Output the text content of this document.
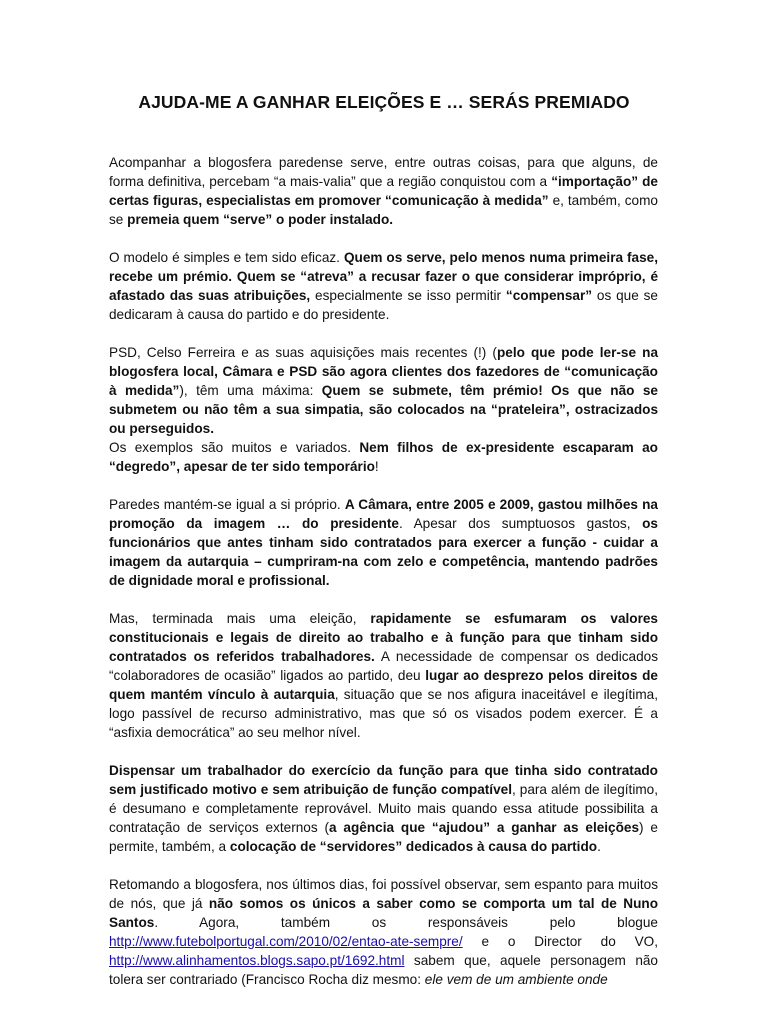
AJUDA-ME A GANHAR ELEIÇÕES E … SERÁS PREMIADO

Acompanhar a blogosfera paredense serve, entre outras coisas, para que alguns, de forma definitiva, percebam “a mais-valia” que a região conquistou com a “importação” de certas figuras, especialistas em promover “comunicação à medida” e, também, como se premeia quem “serve” o poder instalado.

O modelo é simples e tem sido eficaz. Quem os serve, pelo menos numa primeira fase, recebe um prémio. Quem se “atreva” a recusar fazer o que considerar impróprio, é afastado das suas atribuições, especialmente se isso permitir “compensar” os que se dedicaram à causa do partido e do presidente.

PSD, Celso Ferreira e as suas aquisições mais recentes (!) (pelo que pode ler-se na blogosfera local, Câmara e PSD são agora clientes dos fazedores de “comunicação à medida”), têm uma máxima: Quem se submete, têm prémio! Os que não se submetem ou não têm a sua simpatia, são colocados na “prateleira”, ostracizados ou perseguidos.

Os exemplos são muitos e variados. Nem filhos de ex-presidente escaparam ao “degredo”, apesar de ter sido temporário!

Paredes mantém-se igual a si próprio. A Câmara, entre 2005 e 2009, gastou milhões na promoção da imagem … do presidente. Apesar dos sumptuosos gastos, os funcionários que antes tinham sido contratados para exercer a função - cuidar a imagem da autarquia – cumpriram-na com zelo e competência, mantendo padrões de dignidade moral e profissional.

Mas, terminada mais uma eleição, rapidamente se esfumaram os valores constitucionais e legais de direito ao trabalho e à função para que tinham sido contratados os referidos trabalhadores. A necessidade de compensar os dedicados “colaboradores de ocasião” ligados ao partido, deu lugar ao desprezo pelos direitos de quem mantém vínculo à autarquia, situação que se nos afigura inaceitável e ilegítima, logo passível de recurso administrativo, mas que só os visados podem exercer. É a “asfixia democrática” ao seu melhor nível.

Dispensar um trabalhador do exercício da função para que tinha sido contratado sem justificado motivo e sem atribuição de função compatível, para além de ilegítimo, é desumano e completamente reprovável. Muito mais quando essa atitude possibilita a contratação de serviços externos (a agência que “ajudou” a ganhar as eleições) e permite, também, a colocação de “servidores” dedicados à causa do partido.

Retomando a blogosfera, nos últimos dias, foi possível observar, sem espanto para muitos de nós, que já não somos os únicos a saber como se comporta um tal de Nuno Santos. Agora, também os responsáveis pelo blogue http://www.futebolportugal.com/2010/02/entao-ate-sempre/ e o Director do VO, http://www.alinhamentos.blogs.sapo.pt/1692.html sabem que, aquele personagem não tolera ser contrariado (Francisco Rocha diz mesmo: ele vem de um ambiente onde
